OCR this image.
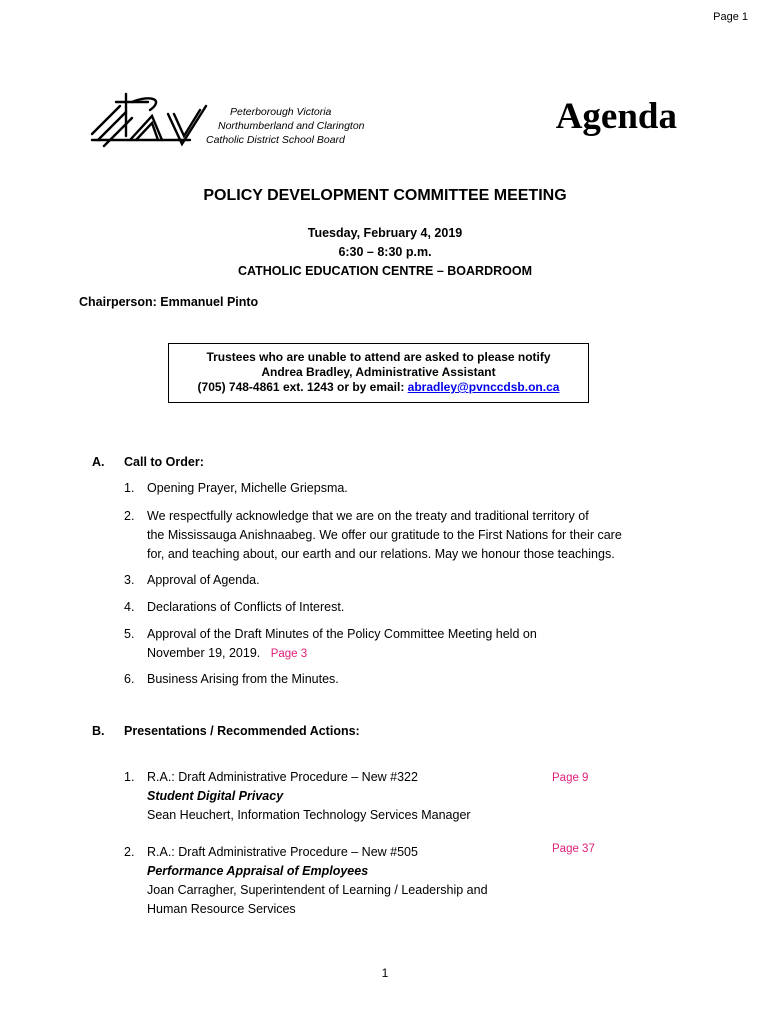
Page 1
Peterborough Victoria
Northumberland and Clarington
Catholic District School Board
Agenda
POLICY DEVELOPMENT COMMITTEE MEETING
Tuesday, February 4, 2019
6:30 – 8:30 p.m.
CATHOLIC EDUCATION CENTRE – BOARDROOM
Chairperson: Emmanuel Pinto
Trustees who are unable to attend are asked to please notify
Andrea Bradley, Administrative Assistant
(705) 748-4861 ext. 1243 or by email: abradley@pvnccdsb.on.ca
A. Call to Order:
1. Opening Prayer, Michelle Griepsma.
2. We respectfully acknowledge that we are on the treaty and traditional territory of
the Mississauga Anishnaabeg. We offer our gratitude to the First Nations for their care
for, and teaching about, our earth and our relations. May we honour those teachings.
3. Approval of Agenda.
4. Declarations of Conflicts of Interest.
5. Approval of the Draft Minutes of the Policy Committee Meeting held on
November 19, 2019. Page 3
6. Business Arising from the Minutes.
B. Presentations / Recommended Actions:
1. R.A.: Draft Administrative Procedure – New #322
Student Digital Privacy
Sean Heuchert, Information Technology Services Manager
Page 9
2. R.A.: Draft Administrative Procedure – New #505
Performance Appraisal of Employees
Joan Carragher, Superintendent of Learning / Leadership and
Human Resource Services
Page 37
1
